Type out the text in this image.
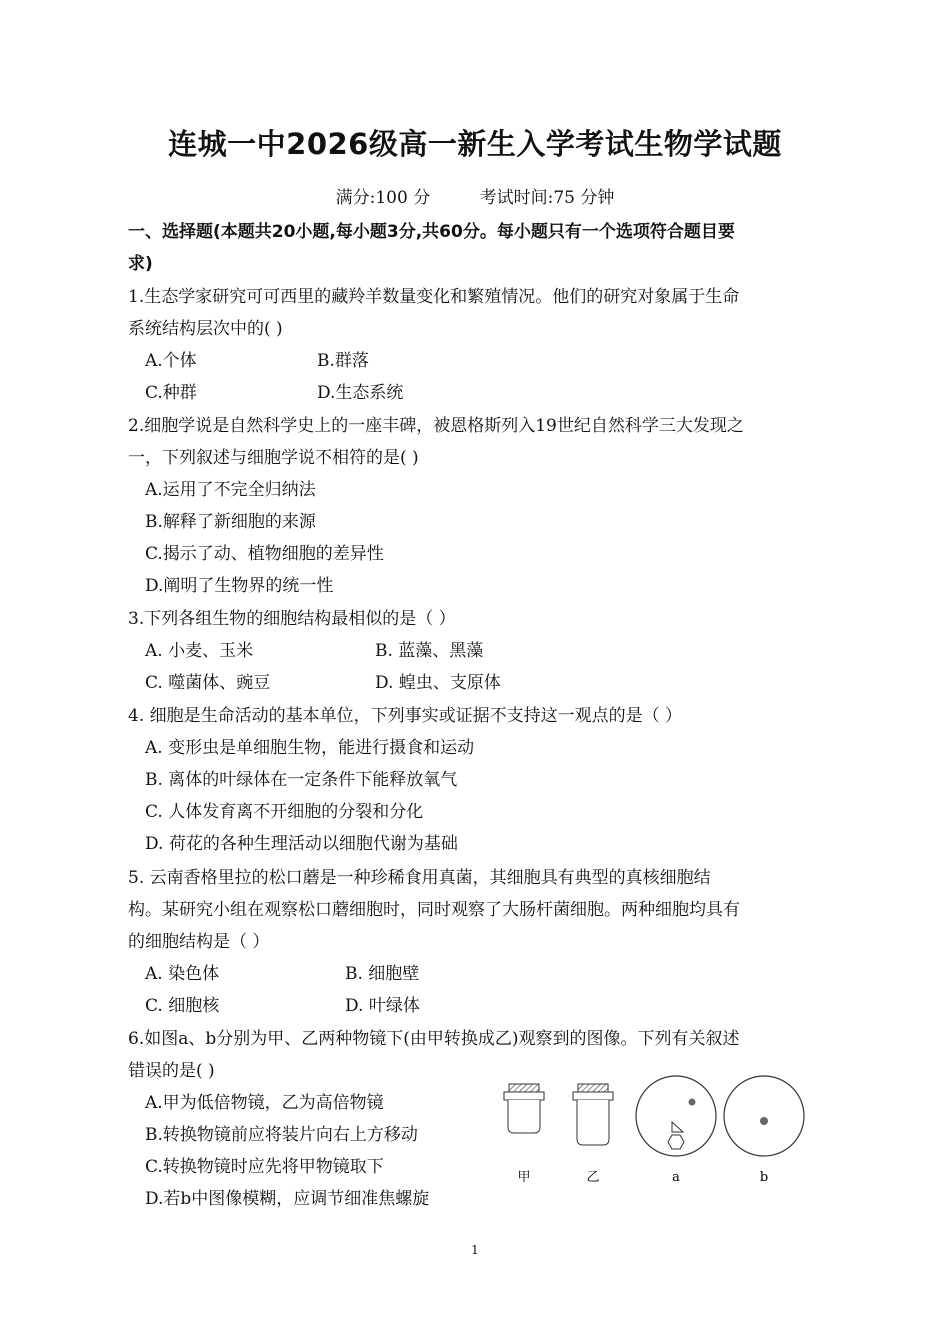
连城一中2026级高一新生入学考试生物学试题
满分:100 分	考试时间:75 分钟
一、选择题(本题共20小题,每小题3分,共60分。每小题只有一个选项符合题目要
求)
1.生态学家研究可可西里的藏羚羊数量变化和繁殖情况。他们的研究对象属于生命
系统结构层次中的( )
A.个体	B.群落
C.种群	D.生态系统
2.细胞学说是自然科学史上的一座丰碑，被恩格斯列入19世纪自然科学三大发现之
一，下列叙述与细胞学说不相符的是( )
A.运用了不完全归纳法
B.解释了新细胞的来源
C.揭示了动、植物细胞的差异性
D.阐明了生物界的统一性
3.下列各组生物的细胞结构最相似的是（ ）
A. 小麦、玉米	B. 蓝藻、黑藻
C. 噬菌体、豌豆	D. 蝗虫、支原体
4. 细胞是生命活动的基本单位，下列事实或证据不支持这一观点的是（ ）
A. 变形虫是单细胞生物，能进行摄食和运动
B. 离体的叶绿体在一定条件下能释放氧气
C. 人体发育离不开细胞的分裂和分化
D. 荷花的各种生理活动以细胞代谢为基础
5. 云南香格里拉的松口蘑是一种珍稀食用真菌，其细胞具有典型的真核细胞结
构。某研究小组在观察松口蘑细胞时，同时观察了大肠杆菌细胞。两种细胞均具有
的细胞结构是（ ）
A. 染色体	B. 细胞壁
C. 细胞核	D. 叶绿体
6.如图a、b分别为甲、乙两种物镜下(由甲转换成乙)观察到的图像。下列有关叙述
错误的是( )
A.甲为低倍物镜，乙为高倍物镜
B.转换物镜前应将装片向右上方移动
C.转换物镜时应先将甲物镜取下
D.若b中图像模糊，应调节细准焦螺旋
甲	乙	a	b
1
